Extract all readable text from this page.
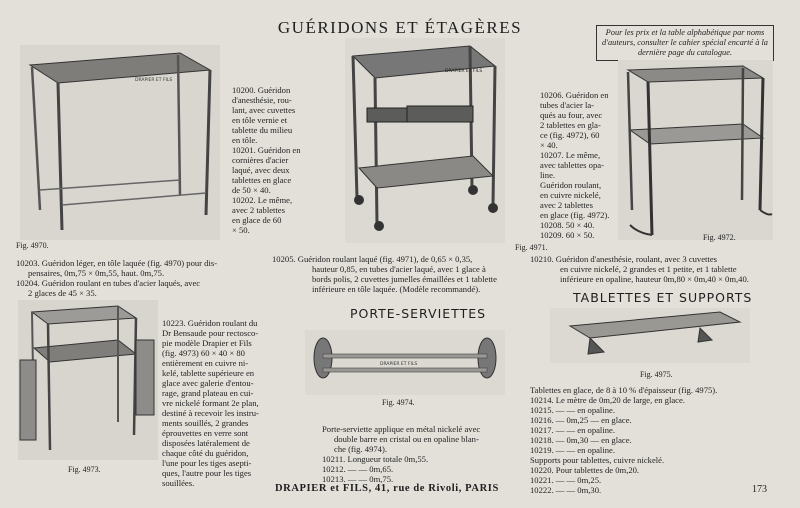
GUÉRIDONS ET ÉTAGÈRES	Pour les prix et la table alphabétique par noms d'auteurs, consulter le cahier spécial encarté à la dernière page du catalogue.
DRAPIER ET FILS
Fig. 4970.
10200. Guéridon
d'anesthésie, rou-
lant, avec cuvettes
en tôle vernie et
tablette du milieu
en tôle.
10201. Guéridon en
cornières d'acier
laqué, avec deux
tablettes en glace
de 50 × 40.
10202. Le même,
avec 2 tablettes
en glace de 60
× 50.
DRAPIER ET FILS
Fig. 4971.
10206. Guéridon en
tubes d'acier la-
qués au four, avec
2 tablettes en gla-
ce (fig. 4972), 60
× 40.
10207. Le même,
avec tablettes opa-
line.
Guéridon roulant,
en cuivre nickelé,
avec 2 tablettes
en glace (fig. 4972).
10208. 50 × 40.
10209. 60 × 50.	Fig. 4972.
10203. Guéridon léger, en tôle laquée (fig. 4970) pour dis-
pensaires, 0m,75 × 0m,55, haut. 0m,75.
10204. Guéridon roulant en tubes d'acier laqués, avec
2 glaces de 45 × 35.
10205. Guéridon roulant laqué (fig. 4971), de 0,65 × 0,35,
hauteur 0,85, en tubes d'acier laqué, avec 1 glace à
bords polis, 2 cuvettes jumelles émaillées et 1 tablette
inférieure en tôle laquée. (Modèle recommandé).
10210. Guéridon d'anesthésie, roulant, avec 3 cuvettes
en cuivre nickelé, 2 grandes et 1 petite, et 1 tablette
inférieure en opaline, hauteur 0m,80 × 0m,40 × 0m,40.
Fig. 4973.
10223. Guéridon roulant du
Dr Bensaude pour rectosco-
pie modèle Drapier et Fils
(fig. 4973) 60 × 40 × 80
entièrement en cuivre ni-
kelé, tablette supérieure en
glace avec galerie d'entou-
rage, grand plateau en cui-
vre nickelé formant 2e plan,
destiné à recevoir les instru-
ments souillés, 2 grandes
éprouvettes en verre sont
disposées latéralement de
chaque côté du guéridon,
l'une pour les tiges asepti-
ques, l'autre pour les tiges
souillées.
PORTE-SERVIETTES
DRAPIER ET FILS
Fig. 4974.
Porte-serviette applique en métal nickelé avec
double barre en cristal ou en opaline blan-
che (fig. 4974).
10211. Longueur totale 0m,55.
10212. — — 0m,65.
10213. — — 0m,75.
TABLETTES ET SUPPORTS
Fig. 4975.
Tablettes en glace, de 8 à 10 % d'épaisseur (fig. 4975).
10214. Le mètre de 0m,20 de large, en glace.
10215. — — en opaline.
10216. — 0m,25 — en glace.
10217. — — en opaline.
10218. — 0m,30 — en glace.
10219. — — en opaline.
Supports pour tablettes, cuivre nickelé.
10220. Pour tablettes de 0m,20.
10221. — — 0m,25.
10222. — — 0m,30.
DRAPIER et FILS, 41, rue de Rivoli, PARIS	173
